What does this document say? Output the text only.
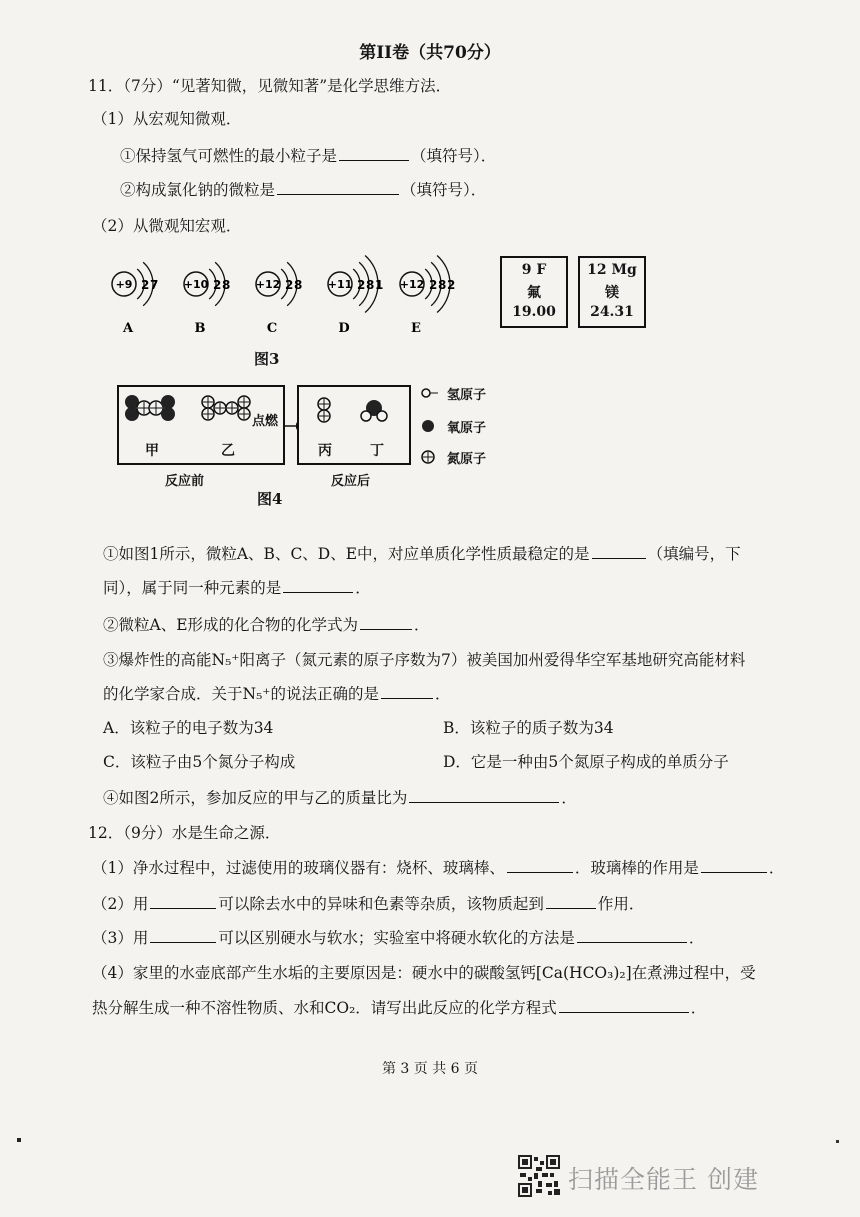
第II卷（共70分）
11．（7分）“见著知微，见微知著”是化学思维方法．
（1）从宏观知微观．
①保持氢气可燃性的最小粒子是	（填符号）．
②构成氯化钠的微粒是	（填符号）．
（2）从微观知宏观．
+9 2 7
A
+10 2 8
B
+12 2 8
C
+11 2 8 1
D
+12 2 8 2
E
9 F
氟
19.00
12 Mg
镁
24.31
图3
甲	乙	丙	丁
点燃
反应前	反应后
氢原子
氧原子
氮原子
图4
①如图1所示，微粒A、B、C、D、E中，对应单质化学性质最稳定的是	（填编号，下
同），属于同一种元素的是	．
②微粒A、E形成的化合物的化学式为	．
③爆炸性的高能N₅⁺阳离子（氮元素的原子序数为7）被美国加州爱得华空军基地研究高能材料
的化学家合成．关于N₅⁺的说法正确的是	．
A．该粒子的电子数为34	B．该粒子的质子数为34
C．该粒子由5个氮分子构成	D．它是一种由5个氮原子构成的单质分子
④如图2所示，参加反应的甲与乙的质量比为	．
12．（9分）水是生命之源．
（1）净水过程中，过滤使用的玻璃仪器有：烧杯、玻璃棒、	．玻璃棒的作用是	．
（2）用	可以除去水中的异味和色素等杂质，该物质起到	作用．
（3）用	可以区别硬水与软水；实验室中将硬水软化的方法是	．
（4）家里的水壶底部产生水垢的主要原因是：硬水中的碳酸氢钙[Ca(HCO₃)₂]在煮沸过程中，受
热分解生成一种不溶性物质、水和CO₂．请写出此反应的化学方程式	．
第 3 页 共 6 页
扫描全能王 创建
